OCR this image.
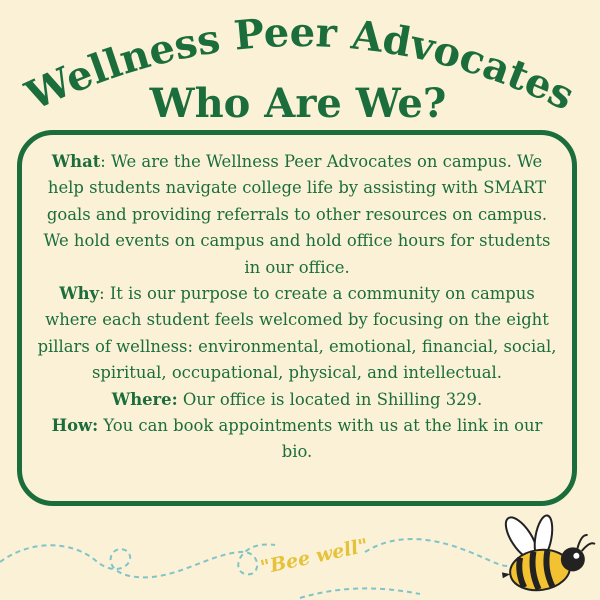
Wellness Peer Advocates
Who Are We?

What: We are the Wellness Peer Advocates on campus. We help students navigate college life by assisting with SMART goals and providing referrals to other resources on campus. We hold events on campus and hold office hours for students in our office.

Why: It is our purpose to create a community on campus where each student feels welcomed by focusing on the eight pillars of wellness: environmental, emotional, financial, social, spiritual, occupational, physical, and intellectual.

Where: Our office is located in Shilling 329.

How: You can book appointments with us at the link in our bio.

"Bee well"
